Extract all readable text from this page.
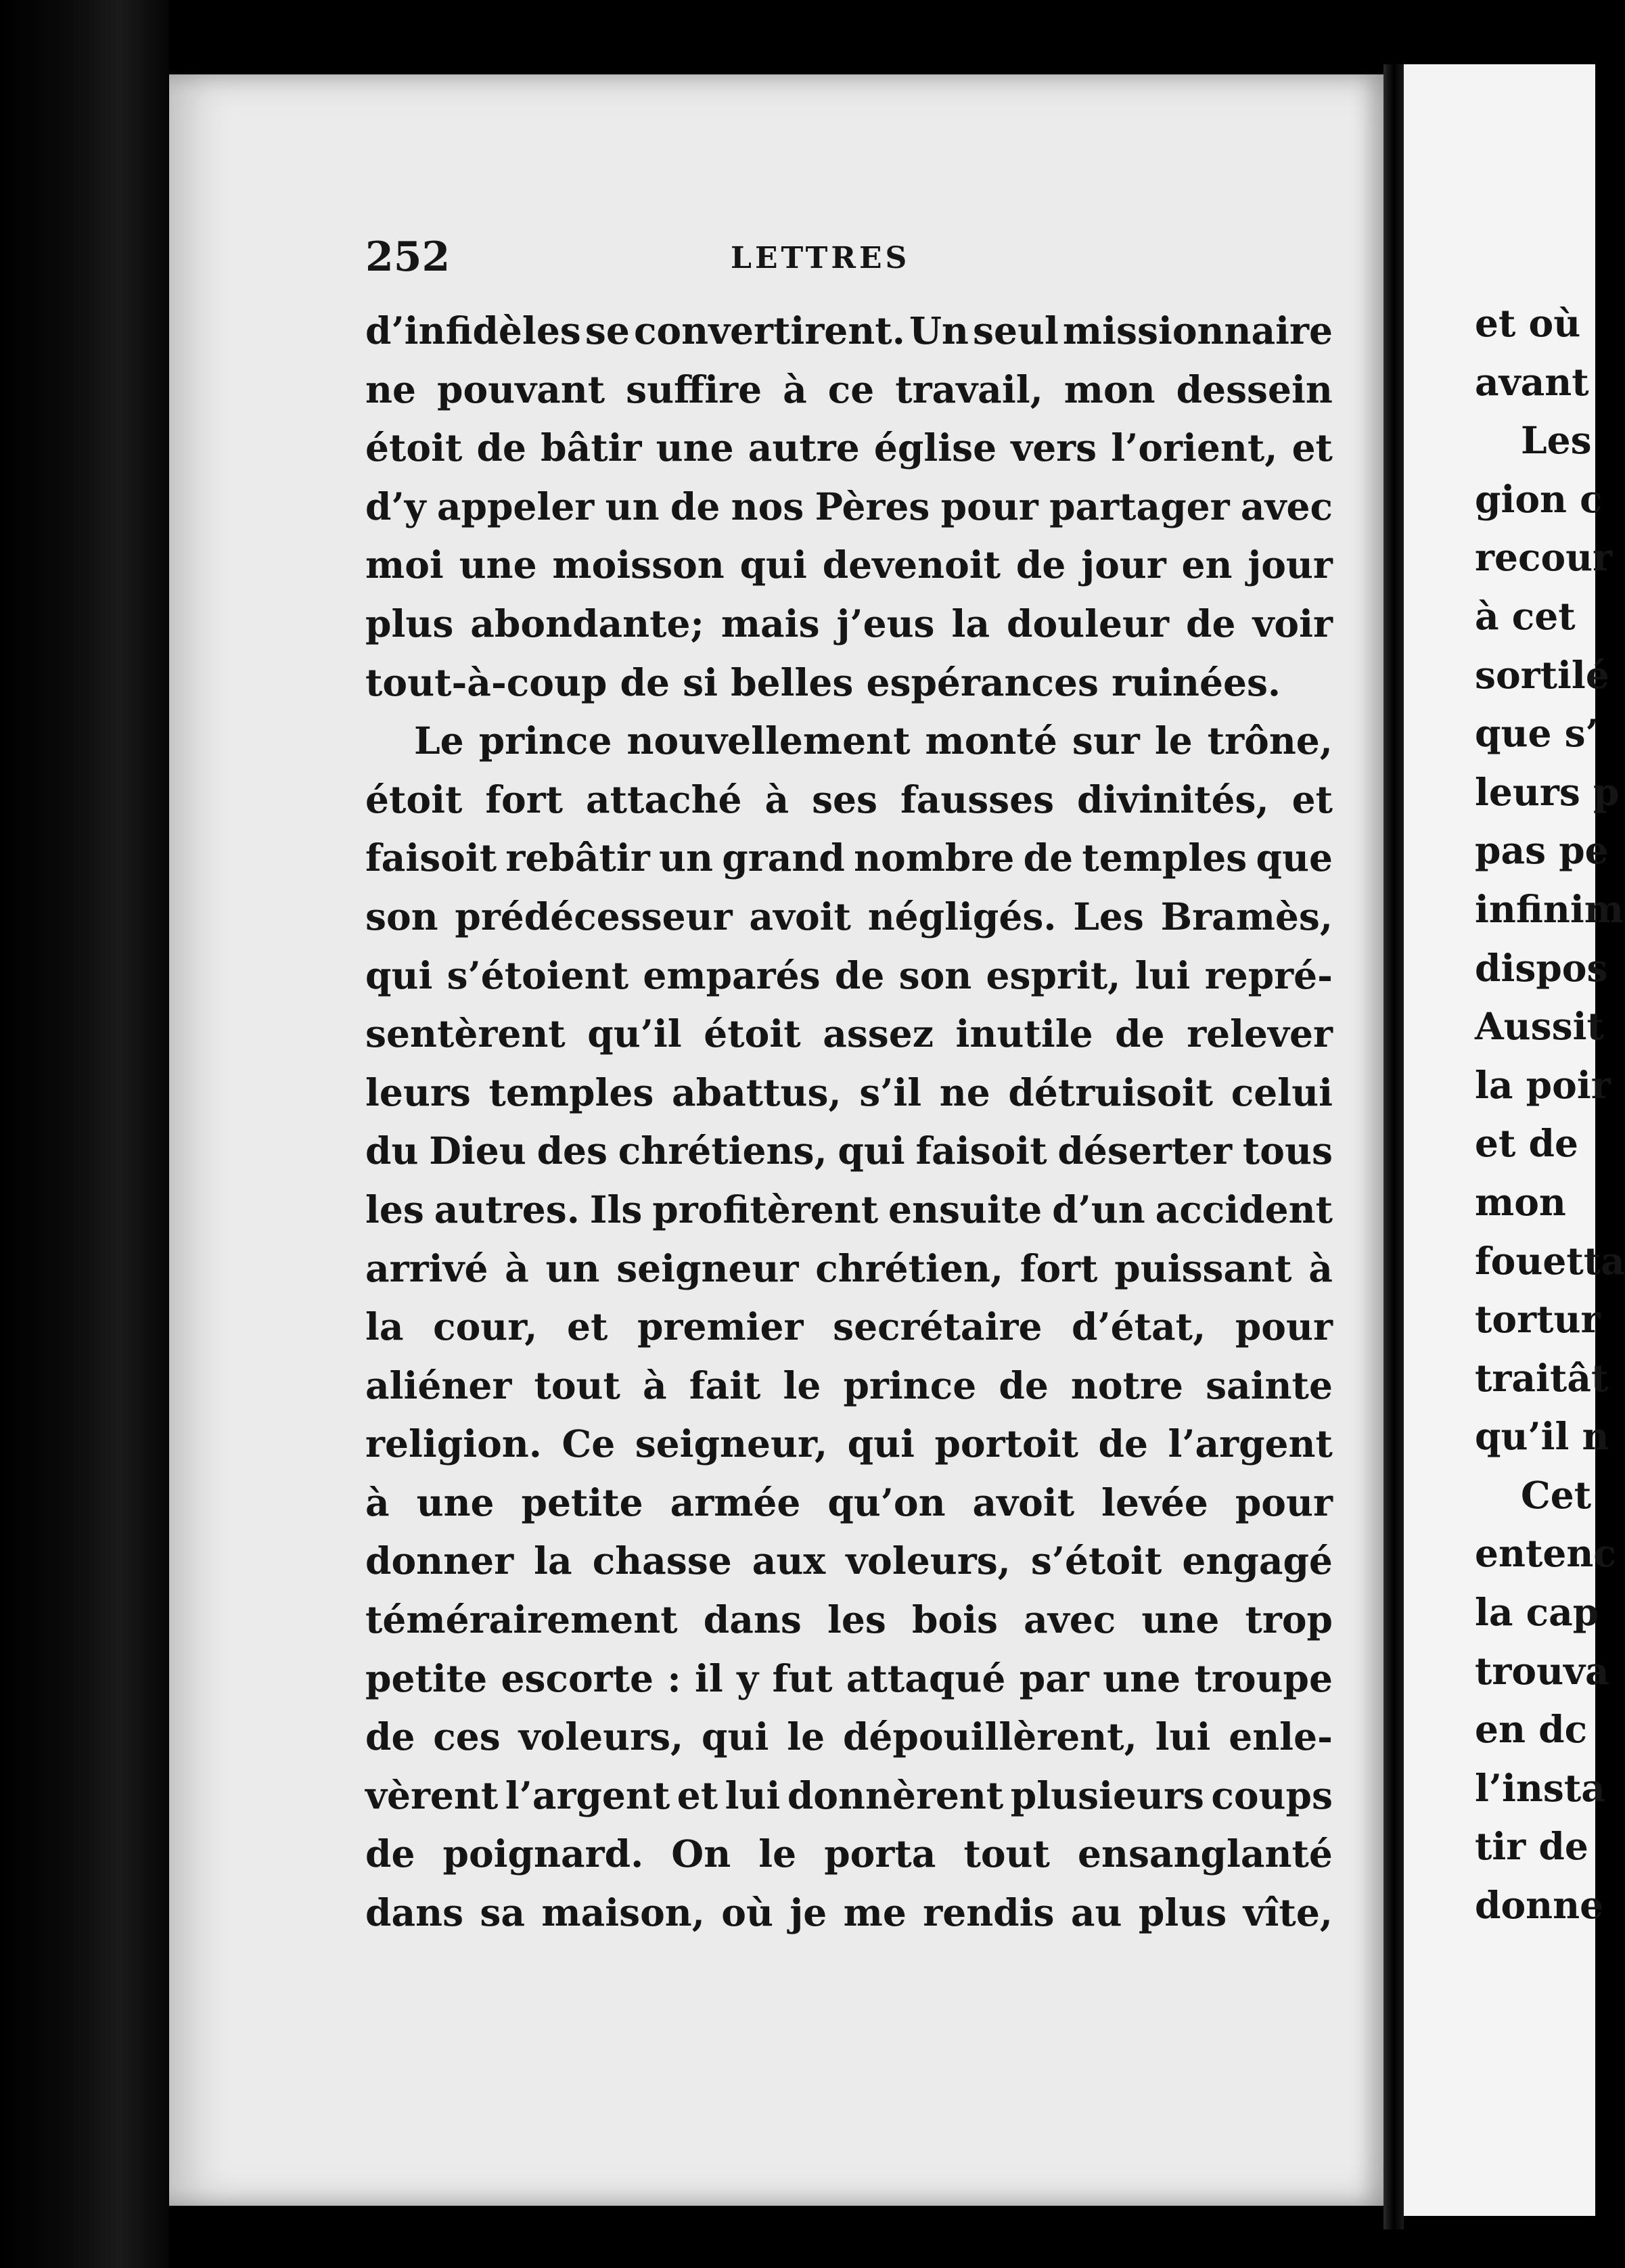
252	LETTRES
d’infidèles se convertirent. Un seul missionnaire
ne pouvant suffire à ce travail, mon dessein
étoit de bâtir une autre église vers l’orient, et
d’y appeler un de nos Pères pour partager avec
moi une moisson qui devenoit de jour en jour
plus abondante; mais j’eus la douleur de voir
tout-à-coup de si belles espérances ruinées.
Le prince nouvellement monté sur le trône,
étoit fort attaché à ses fausses divinités, et
faisoit rebâtir un grand nombre de temples que
son prédécesseur avoit négligés. Les Bramès,
qui s’étoient emparés de son esprit, lui repré-
sentèrent qu’il étoit assez inutile de relever
leurs temples abattus, s’il ne détruisoit celui
du Dieu des chrétiens, qui faisoit déserter tous
les autres. Ils profitèrent ensuite d’un accident
arrivé à un seigneur chrétien, fort puissant à
la cour, et premier secrétaire d’état, pour
aliéner tout à fait le prince de notre sainte
religion. Ce seigneur, qui portoit de l’argent
à une petite armée qu’on avoit levée pour
donner la chasse aux voleurs, s’étoit engagé
témérairement dans les bois avec une trop
petite escorte : il y fut attaqué par une troupe
de ces voleurs, qui le dépouillèrent, lui enle-
vèrent l’argent et lui donnèrent plusieurs coups
de poignard. On le porta tout ensanglanté
dans sa maison, où je me rendis au plus vîte,
et où
avant
Les
gion c
recour
à cet
sortilé
que s’
leurs p
pas pe
infinim
dispos
Aussit
la poir
et de
mon
fouetta
tortur
traitât
qu’il n
Cet
entenc
la cap
trouva
en dc
l’insta
tir de
donne
